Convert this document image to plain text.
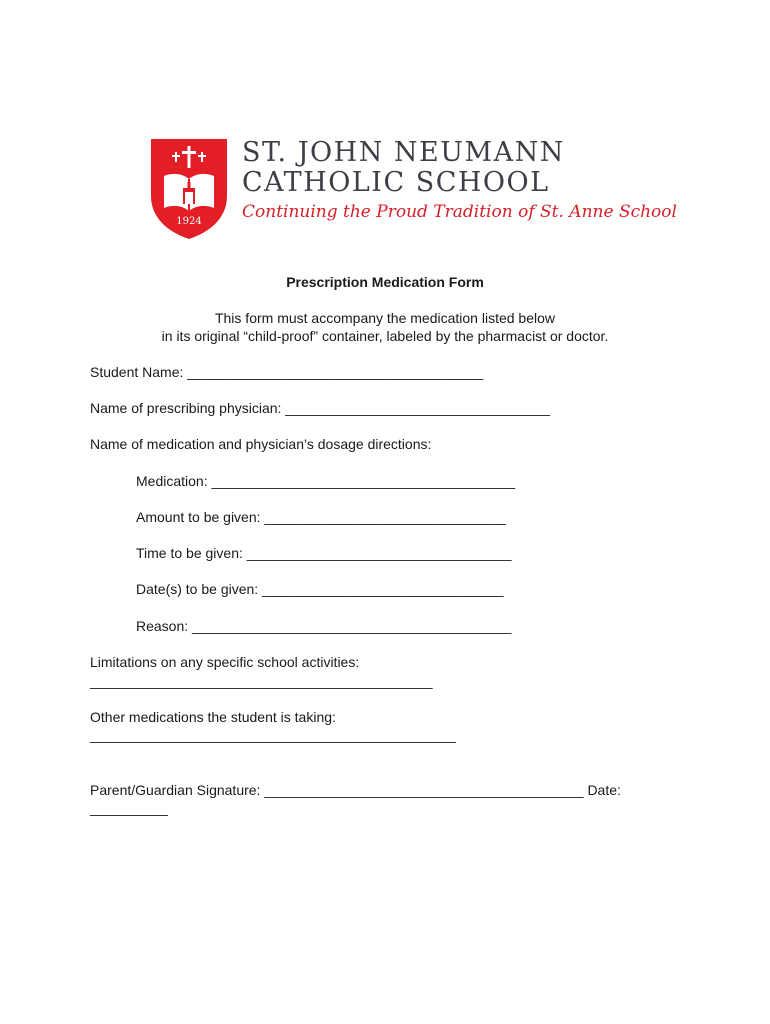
1924
ST. JOHN NEUMANN
CATHOLIC SCHOOL
Continuing the Proud Tradition of St. Anne School
Prescription Medication Form
This form must accompany the medication listed below
in its original “child-proof” container, labeled by the pharmacist or doctor.
Student Name: ______________________________________
Name of prescribing physician: __________________________________
Name of medication and physician’s dosage directions:
Medication: _______________________________________
Amount to be given: _______________________________
Time to be given: __________________________________
Date(s) to be given: _______________________________
Reason: _________________________________________
Limitations on any specific school activities:
____________________________________________
Other medications the student is taking:
_______________________________________________
Parent/Guardian Signature: _________________________________________ Date:
__________
